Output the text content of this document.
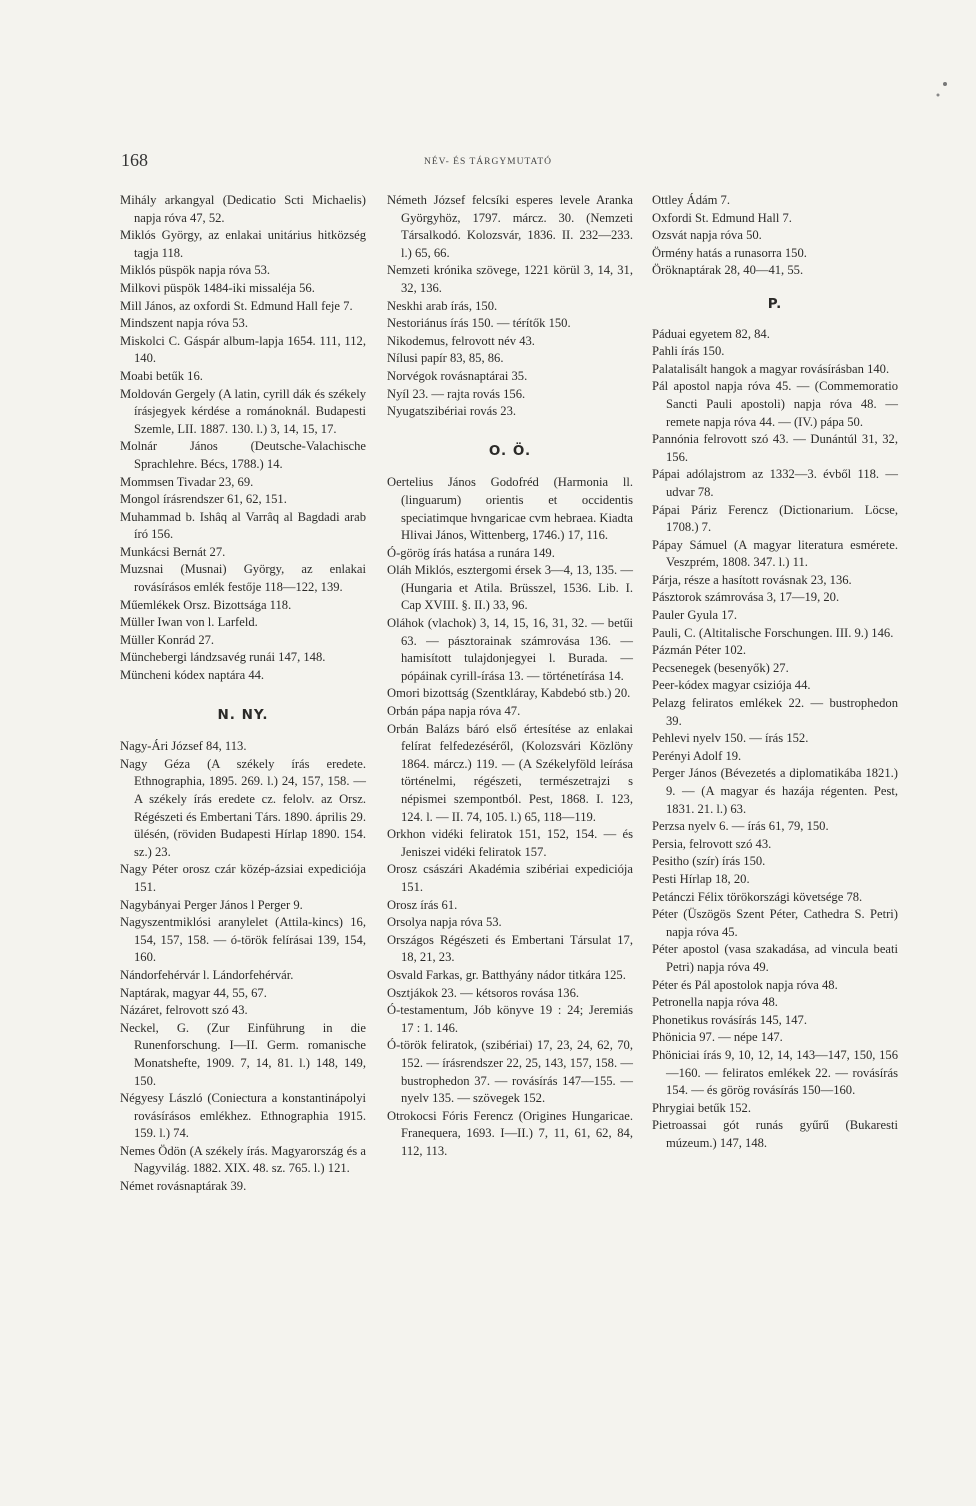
168	NÉV- ÉS TÁRGYMUTATÓ

Mihály arkangyal (Dedicatio Scti Michaelis) napja róva 47, 52.

Miklós György, az enlakai unitárius hitközség tagja 118.

Miklós püspök napja róva 53.

Milkovi püspök 1484-iki missaléja 56.

Mill János, az oxfordi St. Edmund Hall feje 7.

Mindszent napja róva 53.

Miskolci C. Gáspár album-lapja 1654. 111, 112, 140.

Moabi betűk 16.

Moldován Gergely (A latin, cyrill dák és székely írásjegyek kérdése a románoknál. Budapesti Szemle, LII. 1887. 130. l.) 3, 14, 15, 17.

Molnár János (Deutsche-Valachische Sprachlehre. Bécs, 1788.) 14.

Mommsen Tivadar 23, 69.

Mongol írásrendszer 61, 62, 151.

Muhammad b. Ishâq al Varrâq al Bagdadi arab író 156.

Munkácsi Bernát 27.

Muzsnai (Musnai) György, az enlakai rovásírásos emlék festője 118—122, 139.

Műemlékek Orsz. Bizottsága 118.

Müller Iwan von l. Larfeld.

Müller Konrád 27.

Münchebergi lándzsavég runái 147, 148.

Müncheni kódex naptára 44.

N. NY.

Nagy-Ári József 84, 113.

Nagy Géza (A székely írás eredete. Ethnographia, 1895. 269. l.) 24, 157, 158. — A székely írás eredete cz. felolv. az Orsz. Régészeti és Embertani Társ. 1890. április 29. ülésén, (röviden Budapesti Hírlap 1890. 154. sz.) 23.

Nagy Péter orosz czár közép-ázsiai expediciója 151.

Nagybányai Perger János l Perger 9.

Nagyszentmiklósi aranylelet (Attila-kincs) 16, 154, 157, 158. — ó-török felírásai 139, 154, 160.

Nándorfehérvár l. Lándorfehérvár.

Naptárak, magyar 44, 55, 67.

Názáret, felrovott szó 43.

Neckel, G. (Zur Einführung in die Runenforschung. I—II. Germ. romanische Monatshefte, 1909. 7, 14, 81. l.) 148, 149, 150.

Négyesy László (Coniectura a konstantinápolyi rovásírásos emlékhez. Ethnographia 1915. 159. l.) 74.

Nemes Ödön (A székely írás. Magyarország és a Nagyvilág. 1882. XIX. 48. sz. 765. l.) 121.

Német rovásnaptárak 39.

Németh József felcsíki esperes levele Aranka Györgyhöz, 1797. márcz. 30. (Nemzeti Társalkodó. Kolozsvár, 1836. II. 232—233. l.) 65, 66.

Nemzeti krónika szövege, 1221 körül 3, 14, 31, 32, 136.

Neskhi arab írás, 150.

Nestoriánus írás 150. — térítők 150.

Nikodemus, felrovott név 43.

Nílusi papír 83, 85, 86.

Norvégok rovásnaptárai 35.

Nyíl 23. — rajta rovás 156.

Nyugatszibériai rovás 23.

O. Ö.

Oertelius János Godofréd (Harmonia ll. (linguarum) orientis et occidentis speciatimque hvngaricae cvm hebraea. Kiadta Hlivai János, Wittenberg, 1746.) 17, 116.

Ó-görög írás hatása a runára 149.

Oláh Miklós, esztergomi érsek 3—4, 13, 135. — (Hungaria et Atila. Brüsszel, 1536. Lib. I. Cap XVIII. §. II.) 33, 96.

Oláhok (vlachok) 3, 14, 15, 16, 31, 32. — betűi 63. — pásztorainak számrovása 136. — hamisított tulajdonjegyei l. Burada. — pópáinak cyrill-írása 13. — történetírása 14.

Omori bizottság (Szentkláray, Kabdebó stb.) 20.

Orbán pápa napja róva 47.

Orbán Balázs báró első értesítése az enlakai felírat felfedezéséről, (Kolozsvári Közlöny 1864. márcz.) 119. — (A Székelyföld leírása történelmi, régészeti, természetrajzi s népismei szempontból. Pest, 1868. I. 123, 124. l. — II. 74, 105. l.) 65, 118—119.

Orkhon vidéki feliratok 151, 152, 154. — és Jeniszei vidéki feliratok 157.

Orosz császári Akadémia szibériai expediciója 151.

Orosz írás 61.

Orsolya napja róva 53.

Országos Régészeti és Embertani Társulat 17, 18, 21, 23.

Osvald Farkas, gr. Batthyány nádor titkára 125.

Osztjákok 23. — kétsoros rovása 136.

Ó-testamentum, Jób könyve 19 : 24; Jeremiás 17 : 1. 146.

Ó-török feliratok, (szibériai) 17, 23, 24, 62, 70, 152. — írásrendszer 22, 25, 143, 157, 158. — bustrophedon 37. — rovásírás 147—155. — nyelv 135. — szövegek 152.

Otrokocsi Fóris Ferencz (Origines Hungaricae. Franequera, 1693. I—II.) 7, 11, 61, 62, 84, 112, 113.

Ottley Ádám 7.

Oxfordi St. Edmund Hall 7.

Ozsvát napja róva 50.

Örmény hatás a runasorra 150.

Öröknaptárak 28, 40—41, 55.

P.

Páduai egyetem 82, 84.

Pahli írás 150.

Palatalisált hangok a magyar rovásírásban 140.

Pál apostol napja róva 45. — (Commemoratio Sancti Pauli apostoli) napja róva 48. — remete napja róva 44. — (IV.) pápa 50.

Pannónia felrovott szó 43. — Dunántúl 31, 32, 156.

Pápai adólajstrom az 1332—3. évből 118. — udvar 78.

Pápai Páriz Ferencz (Dictionarium. Löcse, 1708.) 7.

Pápay Sámuel (A magyar literatura esmérete. Veszprém, 1808. 347. l.) 11.

Párja, része a hasított rovásnak 23, 136.

Pásztorok számrovása 3, 17—19, 20.

Pauler Gyula 17.

Pauli, C. (Altitalische Forschungen. III. 9.) 146.

Pázmán Péter 102.

Pecsenegek (besenyők) 27.

Peer-kódex magyar csiziója 44.

Pelazg feliratos emlékek 22. — bustrophedon 39.

Pehlevi nyelv 150. — írás 152.

Perényi Adolf 19.

Perger János (Bévezetés a diplomatikába 1821.) 9. — (A magyar és hazája régenten. Pest, 1831. 21. l.) 63.

Perzsa nyelv 6. — írás 61, 79, 150.

Persia, felrovott szó 43.

Pesitho (szír) írás 150.

Pesti Hírlap 18, 20.

Petánczi Félix törökországi követsége 78.

Péter (Üszögös Szent Péter, Cathedra S. Petri) napja róva 45.

Péter apostol (vasa szakadása, ad vincula beati Petri) napja róva 49.

Péter és Pál apostolok napja róva 48.

Petronella napja róva 48.

Phonetikus rovásírás 145, 147.

Phönicia 97. — népe 147.

Phöniciai írás 9, 10, 12, 14, 143—147, 150, 156—160. — feliratos emlékek 22. — rovásírás 154. — és görög rovásírás 150—160.

Phrygiai betűk 152.

Pietroassai gót runás gyűrű (Bukaresti múzeum.) 147, 148.
